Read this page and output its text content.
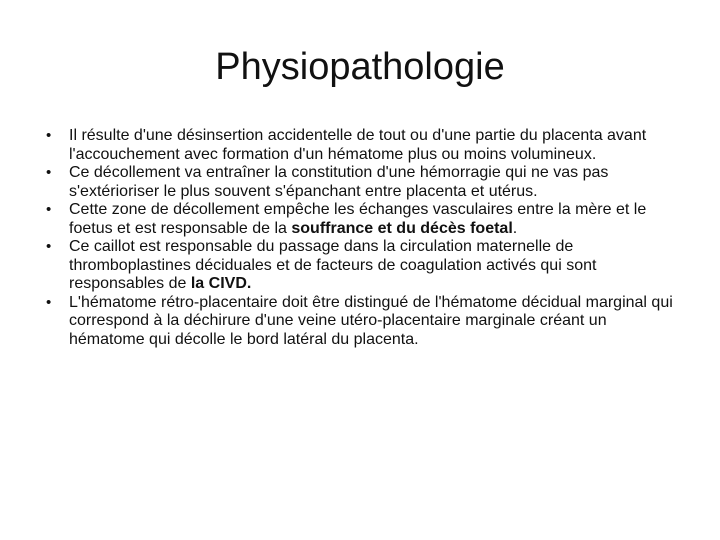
Physiopathologie
• Il résulte d'une désinsertion accidentelle de tout ou d'une partie du placenta avant l'accouchement avec formation d'un hématome plus ou moins volumineux.
• Ce décollement va entraîner la constitution d'une hémorragie qui ne vas pas s'extérioriser le plus souvent s'épanchant entre placenta et utérus.
• Cette zone de décollement empêche les échanges vasculaires entre la mère et le foetus et est responsable de la souffrance et du décès foetal.
• Ce caillot est responsable du passage dans la circulation maternelle de thromboplastines déciduales et de facteurs de coagulation activés qui sont responsables de la CIVD.
• L'hématome rétro-placentaire doit être distingué de l'hématome décidual marginal qui correspond à la déchirure d'une veine utéro-placentaire marginale créant un hématome qui décolle le bord latéral du placenta.
